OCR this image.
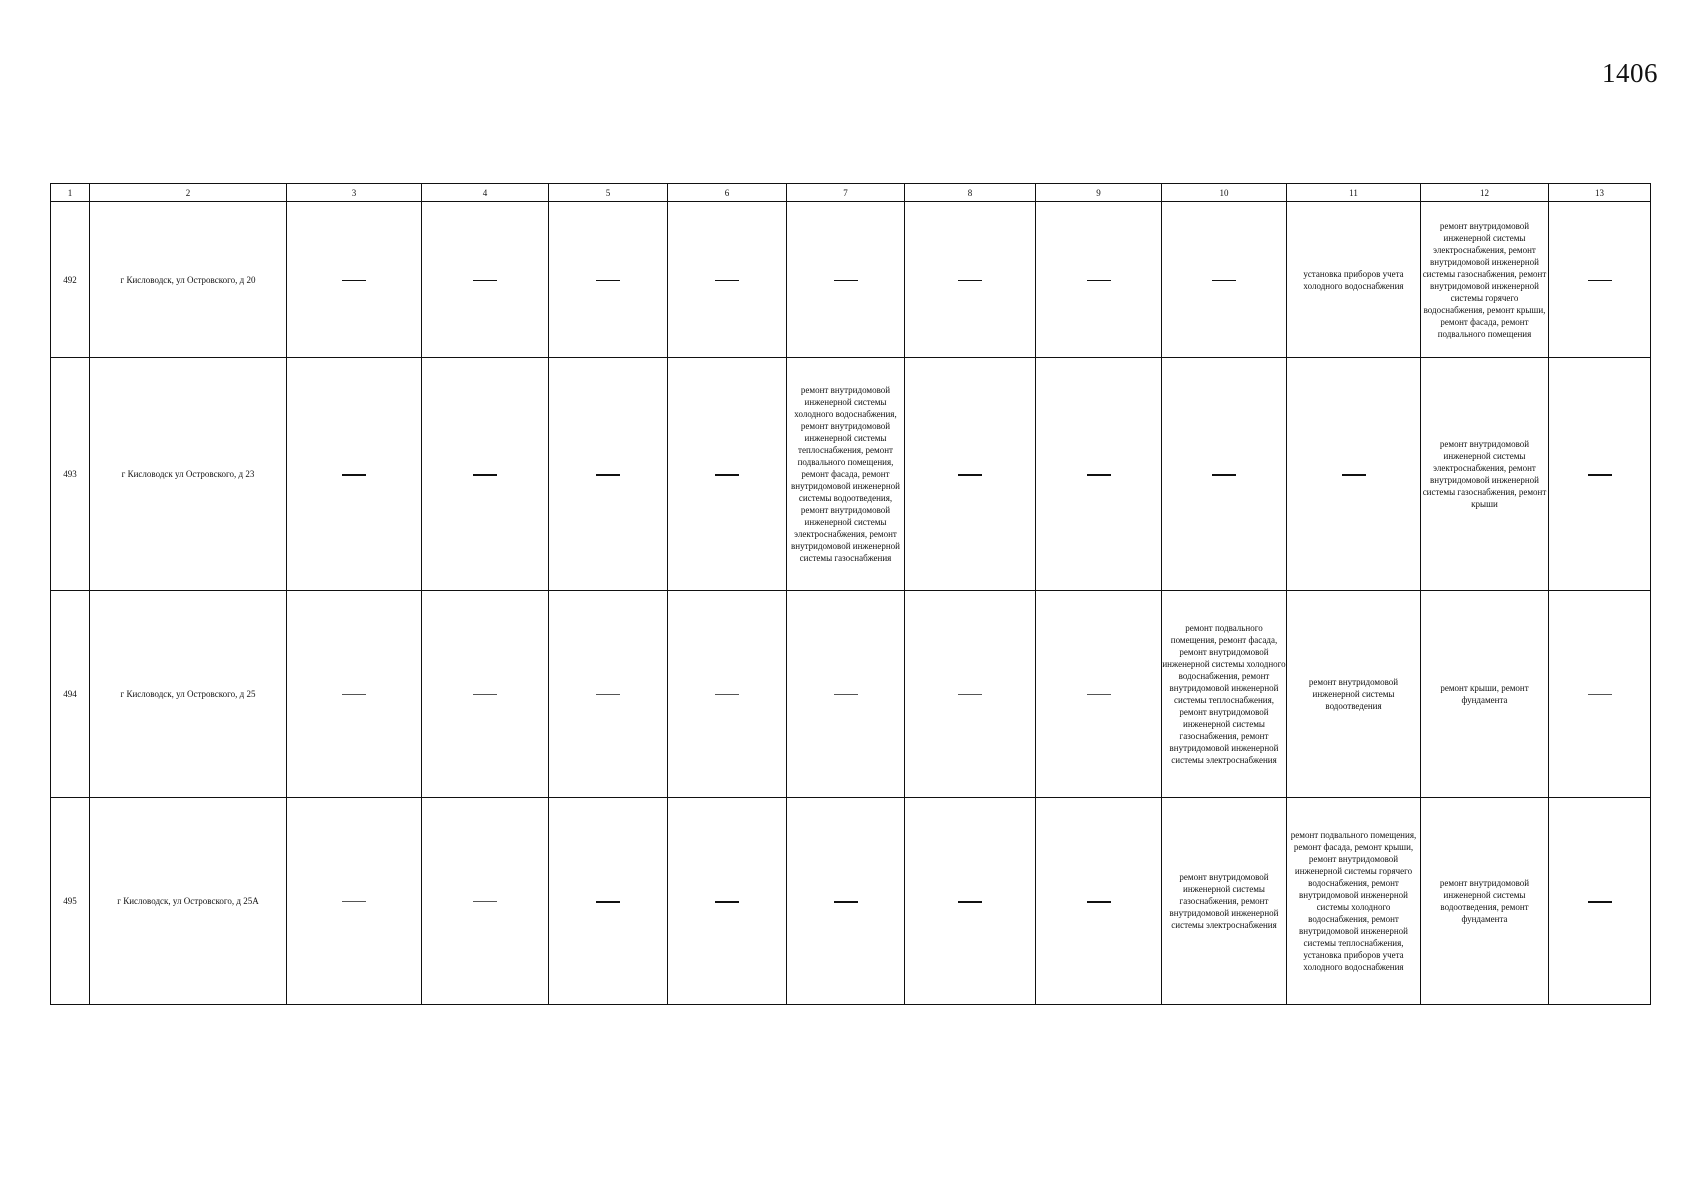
1406
1	2	3	4	5	6	7	8	9	10	11	12	13
492	г Кисловодск, ул Островского, д 20									установка приборов учета холодного водоснабжения	ремонт внутридомовой инженерной системы электроснабжения, ремонт внутридомовой инженерной системы газоснабжения, ремонт внутридомовой инженерной системы горячего водоснабжения, ремонт крыши, ремонт фасада, ремонт подвального помещения	
493	г Кисловодск ул Островского, д 23					ремонт внутридомовой инженерной системы холодного водоснабжения, ремонт внутридомовой инженерной системы теплоснабжения, ремонт подвального помещения, ремонт фасада, ремонт внутридомовой инженерной системы водоотведения, ремонт внутридомовой инженерной системы электроснабжения, ремонт внутридомовой инженерной системы газоснабжения					ремонт внутридомовой инженерной системы электроснабжения, ремонт внутридомовой инженерной системы газоснабжения, ремонт крыши	
494	г Кисловодск, ул Островского, д 25								ремонт подвального помещения, ремонт фасада, ремонт внутридомовой инженерной системы холодного водоснабжения, ремонт внутридомовой инженерной системы теплоснабжения, ремонт внутридомовой инженерной системы газоснабжения, ремонт внутридомовой инженерной системы электроснабжения	ремонт внутридомовой инженерной системы водоотведения	ремонт крыши, ремонт фундамента	
495	г Кисловодск, ул Островского, д 25А								ремонт внутридомовой инженерной системы газоснабжения, ремонт внутридомовой инженерной системы электроснабжения	ремонт подвального помещения, ремонт фасада, ремонт крыши, ремонт внутридомовой инженерной системы горячего водоснабжения, ремонт внутридомовой инженерной системы холодного водоснабжения, ремонт внутридомовой инженерной системы теплоснабжения, установка приборов учета холодного водоснабжения	ремонт внутридомовой инженерной системы водоотведения, ремонт фундамента	
